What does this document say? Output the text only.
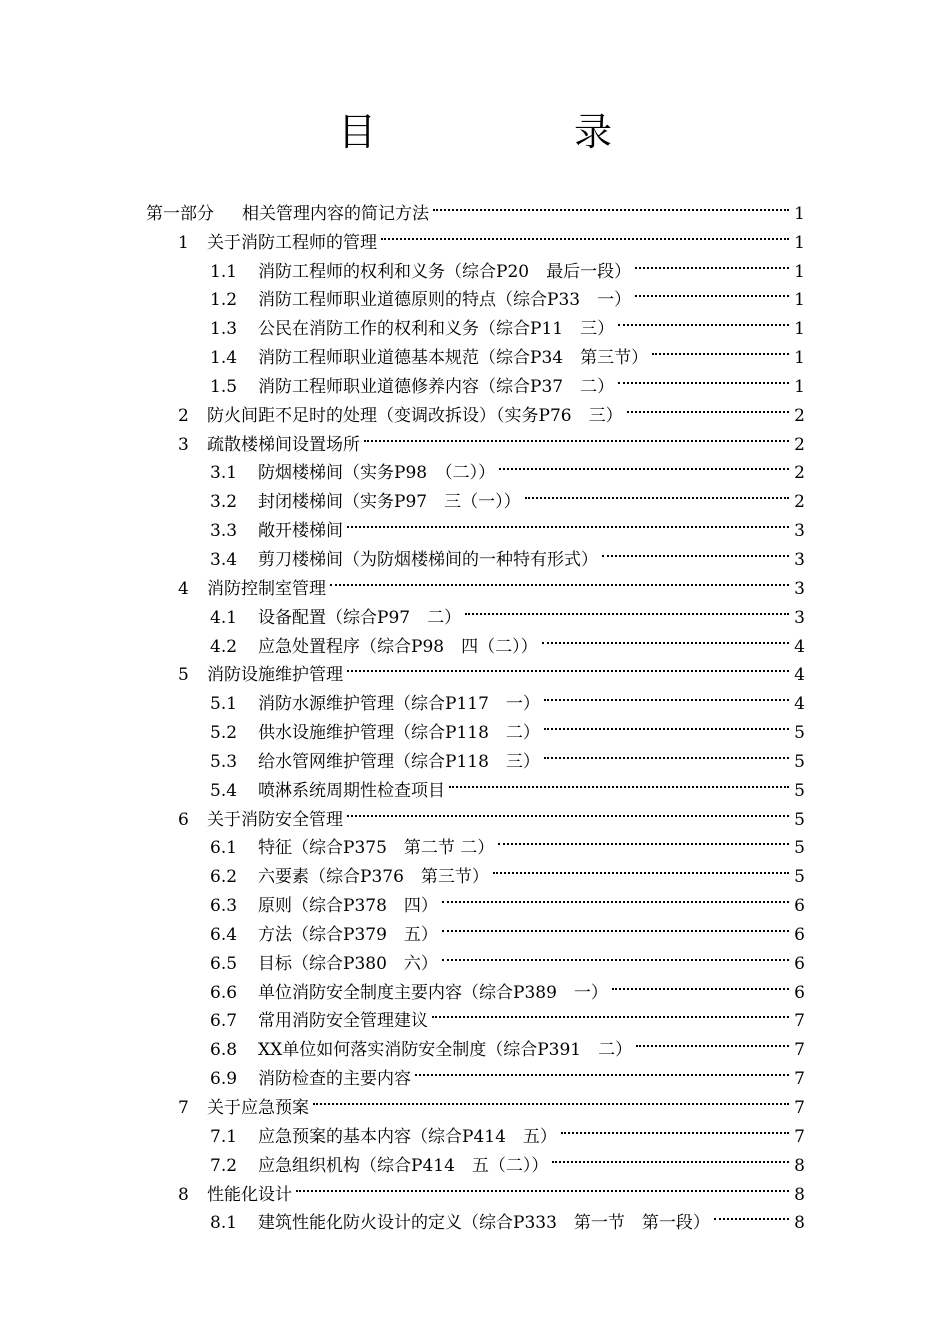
目　录
第一部分	相关管理内容的简记方法	1
1	关于消防工程师的管理	1
1.1	消防工程师的权利和义务（综合P20　最后一段）	1
1.2	消防工程师职业道德原则的特点（综合P33　一）	1
1.3	公民在消防工作的权利和义务（综合P11　三）	1
1.4	消防工程师职业道德基本规范（综合P34　第三节）	1
1.5	消防工程师职业道德修养内容（综合P37　二）	1
2	防火间距不足时的处理（变调改拆设）（实务P76　三）	2
3	疏散楼梯间设置场所	2
3.1	防烟楼梯间（实务P98　（二））	2
3.2	封闭楼梯间（实务P97　三（一））	2
3.3	敞开楼梯间	3
3.4	剪刀楼梯间（为防烟楼梯间的一种特有形式）	3
4	消防控制室管理	3
4.1	设备配置（综合P97　二）	3
4.2	应急处置程序（综合P98　四（二））	4
5	消防设施维护管理	4
5.1	消防水源维护管理（综合P117　一）	4
5.2	供水设施维护管理（综合P118　二）	5
5.3	给水管网维护管理（综合P118　三）	5
5.4	喷淋系统周期性检查项目	5
6	关于消防安全管理	5
6.1	特征（综合P375　第二节 二）	5
6.2	六要素（综合P376　第三节）	5
6.3	原则（综合P378　四）	6
6.4	方法（综合P379　五）	6
6.5	目标（综合P380　六）	6
6.6	单位消防安全制度主要内容（综合P389　一）	6
6.7	常用消防安全管理建议	7
6.8	XX单位如何落实消防安全制度（综合P391　二）	7
6.9	消防检查的主要内容	7
7	关于应急预案	7
7.1	应急预案的基本内容（综合P414　五）	7
7.2	应急组织机构（综合P414　五（二））	8
8	性能化设计	8
8.1	建筑性能化防火设计的定义（综合P333　第一节　第一段）	8
